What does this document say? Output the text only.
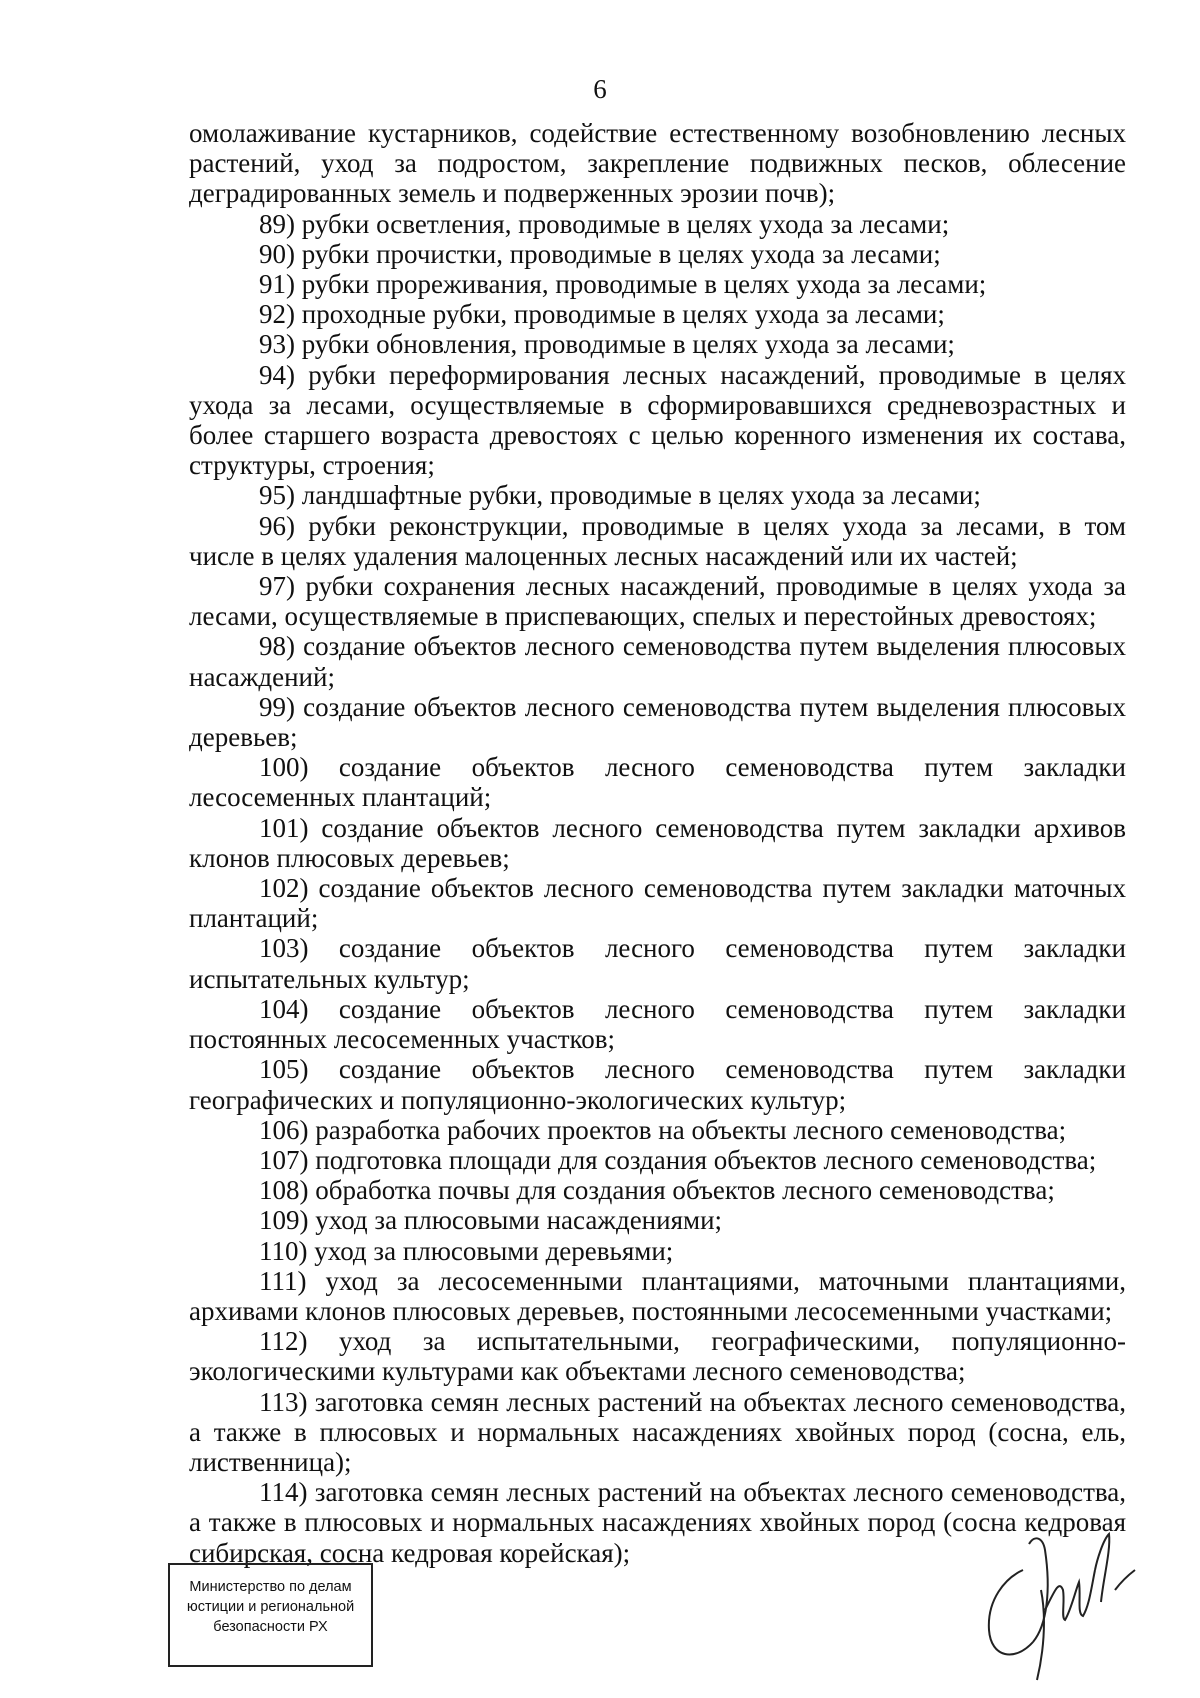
6

омолаживание кустарников, содействие естественному возобновлению лесных растений, уход за подростом, закрепление подвижных песков, облесение деградированных земель и подверженных эрозии почв);

89) рубки осветления, проводимые в целях ухода за лесами;

90) рубки прочистки, проводимые в целях ухода за лесами;

91) рубки прореживания, проводимые в целях ухода за лесами;

92) проходные рубки, проводимые в целях ухода за лесами;

93) рубки обновления, проводимые в целях ухода за лесами;

94) рубки переформирования лесных насаждений, проводимые в целях ухода за лесами, осуществляемые в сформировавшихся средневозрастных и более старшего возраста древостоях с целью коренного изменения их состава, структуры, строения;

95) ландшафтные рубки, проводимые в целях ухода за лесами;

96) рубки реконструкции, проводимые в целях ухода за лесами, в том числе в целях удаления малоценных лесных насаждений или их частей;

97) рубки сохранения лесных насаждений, проводимые в целях ухода за лесами, осуществляемые в приспевающих, спелых и перестойных древостоях;

98) создание объектов лесного семеноводства путем выделения плюсовых насаждений;

99) создание объектов лесного семеноводства путем выделения плюсовых деревьев;

100) создание объектов лесного семеноводства путем закладки лесосеменных плантаций;

101) создание объектов лесного семеноводства путем закладки архивов клонов плюсовых деревьев;

102) создание объектов лесного семеноводства путем закладки маточных плантаций;

103) создание объектов лесного семеноводства путем закладки испытательных культур;

104) создание объектов лесного семеноводства путем закладки постоянных лесосеменных участков;

105) создание объектов лесного семеноводства путем закладки географических и популяционно-экологических культур;

106) разработка рабочих проектов на объекты лесного семеноводства;

107) подготовка площади для создания объектов лесного семеноводства;

108) обработка почвы для создания объектов лесного семеноводства;

109) уход за плюсовыми насаждениями;

110) уход за плюсовыми деревьями;

111) уход за лесосеменными плантациями, маточными плантациями, архивами клонов плюсовых деревьев, постоянными лесосеменными участками;

112) уход за испытательными, географическими, популяционно-экологическими культурами как объектами лесного семеноводства;

113) заготовка семян лесных растений на объектах лесного семеноводства, а также в плюсовых и нормальных насаждениях хвойных пород (сосна, ель, лиственница);

114) заготовка семян лесных растений на объектах лесного семеноводства, а также в плюсовых и нормальных насаждениях хвойных пород (сосна кедровая сибирская, сосна кедровая корейская);

Министерство по делам
юстиции и региональной
безопасности РХ
